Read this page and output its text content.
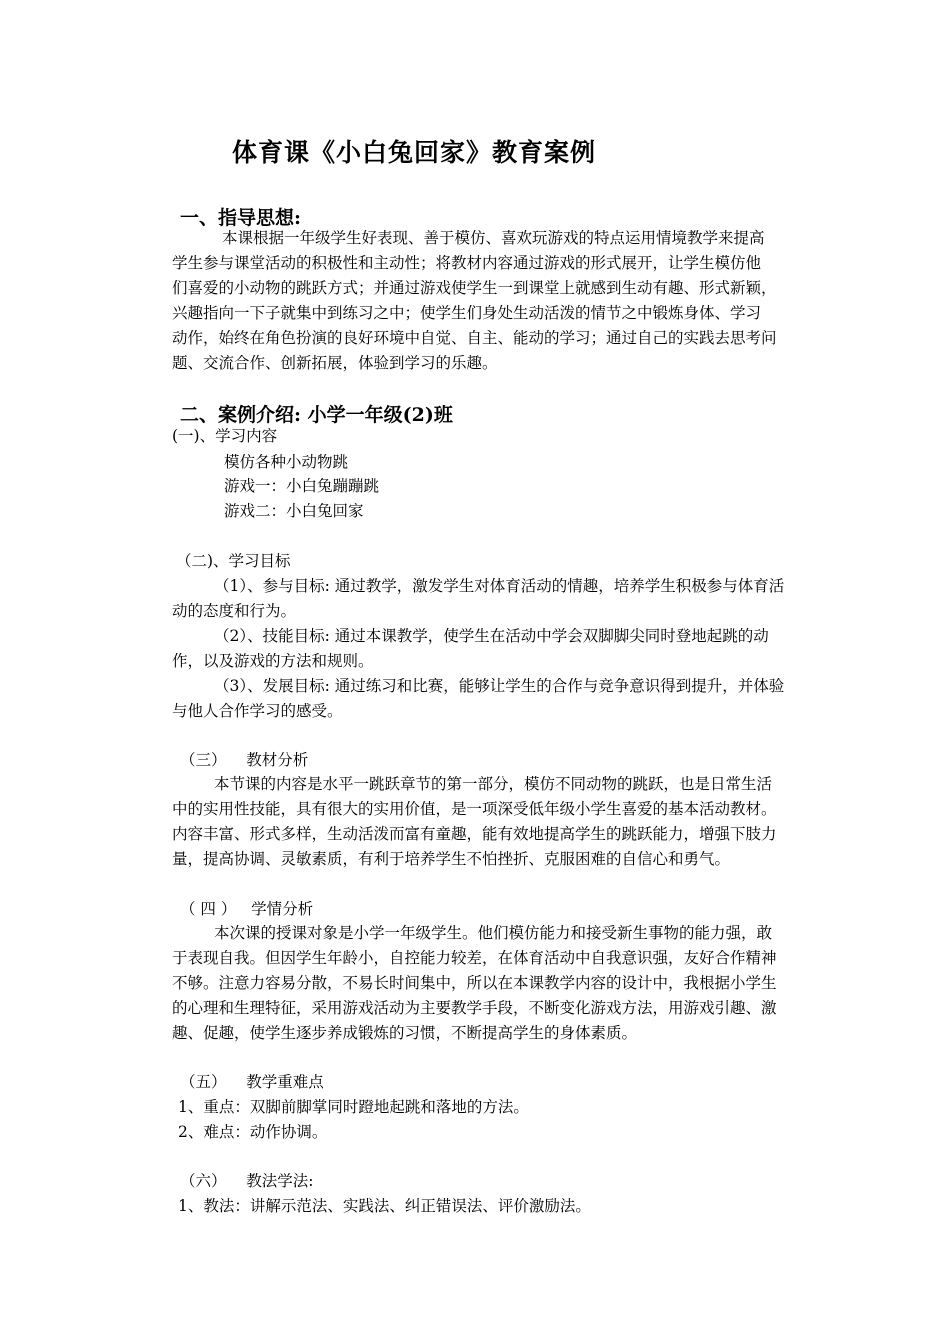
体育课《小白兔回家》教育案例
一、指导思想:
本课根据一年级学生好表现、善于模仿、喜欢玩游戏的特点运用情境教学来提高
学生参与课堂活动的积极性和主动性；将教材内容通过游戏的形式展开，让学生模仿他
们喜爱的小动物的跳跃方式；并通过游戏使学生一到课堂上就感到生动有趣、形式新颖，
兴趣指向一下子就集中到练习之中；使学生们身处生动活泼的情节之中锻炼身体、学习
动作，始终在角色扮演的良好环境中自觉、自主、能动的学习；通过自己的实践去思考问
题、交流合作、创新拓展，体验到学习的乐趣。
二、案例介绍: 小学一年级(2)班
(一)、学习内容
模仿各种小动物跳
游戏一：小白兔蹦蹦跳
游戏二：小白兔回家
（二)、学习目标
（1）、参与目标: 通过教学，激发学生对体育活动的情趣，培养学生积极参与体育活
动的态度和行为。
（2）、技能目标: 通过本课教学，使学生在活动中学会双脚脚尖同时登地起跳的动
作，以及游戏的方法和规则。
（3）、发展目标: 通过练习和比赛，能够让学生的合作与竞争意识得到提升，并体验
与他人合作学习的感受。
（三）    教材分析
本节课的内容是水平一跳跃章节的第一部分，模仿不同动物的跳跃，也是日常生活
中的实用性技能，具有很大的实用价值，是一项深受低年级小学生喜爱的基本活动教材。
内容丰富、形式多样，生动活泼而富有童趣，能有效地提高学生的跳跃能力，增强下肢力
量，提高协调、灵敏素质，有利于培养学生不怕挫折、克服困难的自信心和勇气。
（ 四 ）   学情分析
本次课的授课对象是小学一年级学生。他们模仿能力和接受新生事物的能力强，敢
于表现自我。但因学生年龄小，自控能力较差，在体育活动中自我意识强，友好合作精神
不够。注意力容易分散，不易长时间集中，所以在本课教学内容的设计中，我根据小学生
的心理和生理特征，采用游戏活动为主要教学手段，不断变化游戏方法，用游戏引趣、激
趣、促趣，使学生逐步养成锻炼的习惯，不断提高学生的身体素质。
（五）    教学重难点
1、重点：双脚前脚掌同时蹬地起跳和落地的方法。
2、难点：动作协调。
（六）    教法学法:
1、教法：讲解示范法、实践法、纠正错误法、评价激励法。
